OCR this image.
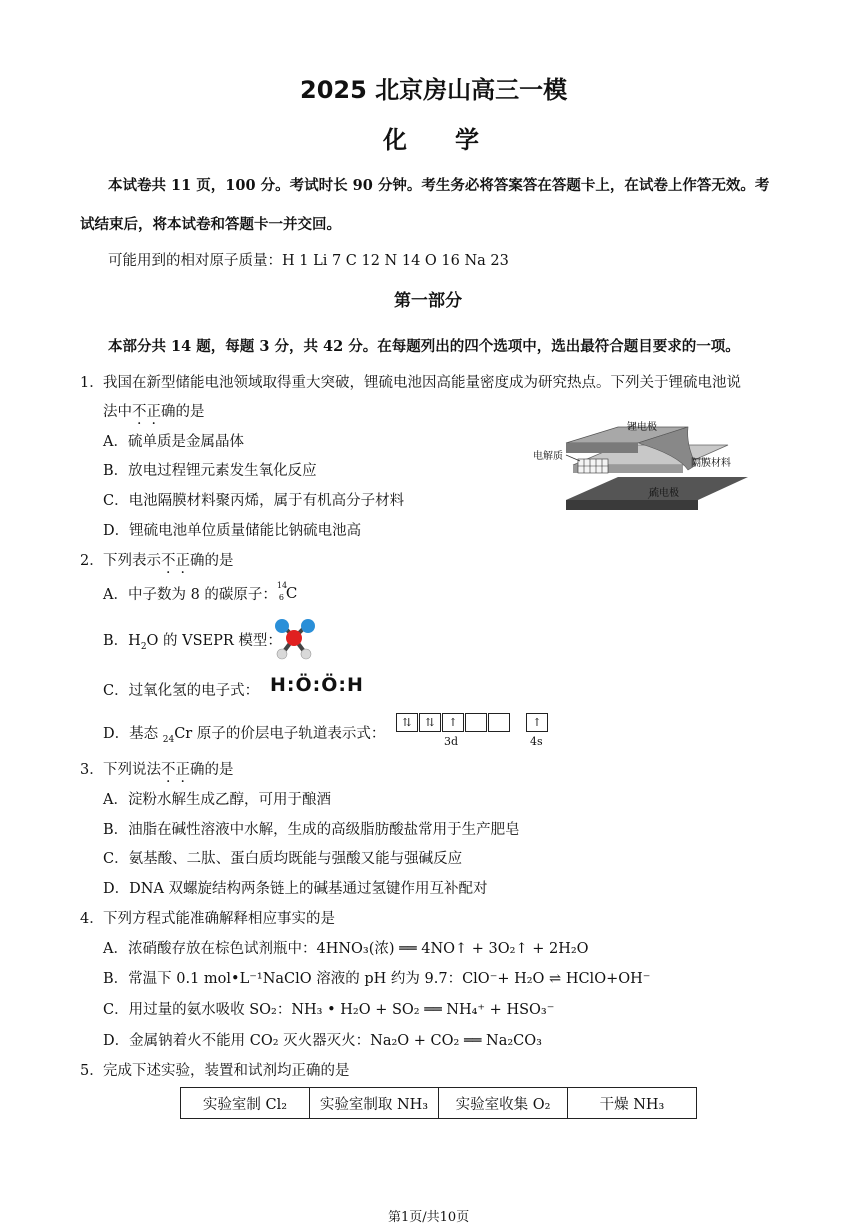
2025 北京房山高三一模
化学
本试卷共 11 页，100 分。考试时长 90 分钟。考生务必将答案答在答题卡上，在试卷上作答无效。考
试结束后，将本试卷和答题卡一并交回。
可能用到的相对原子质量：H 1 Li 7 C 12 N 14 O 16 Na 23
第一部分
本部分共 14 题，每题 3 分，共 42 分。在每题列出的四个选项中，选出最符合题目要求的一项。
1． 我国在新型储能电池领域取得重大突破，锂硫电池因高能量密度成为研究热点。下列关于锂硫电池说
法中不正确的是
A．硫单质是金属晶体
B．放电过程锂元素发生氧化反应
C．电池隔膜材料聚丙烯，属于有机高分子材料
D．锂硫电池单位质量储能比钠硫电池高
锂电极
电解质
隔膜材料
硫电极
2． 下列表示不正确的是
A．中子数为 8 的碳原子：
14
6 C
B．$H_2O$ 的 VSEPR 模型：
C．过氧化氢的电子式： H:Ö:Ö:H
D．基态 $_{24}$Cr 原子的价层电子轨道表示式：
⇅	⇅	↑	↑
3d	4s
3． 下列说法不正确的是
A．淀粉水解生成乙醇，可用于酿酒
B．油脂在碱性溶液中水解，生成的高级脂肪酸盐常用于生产肥皂
C．氨基酸、二肽、蛋白质均既能与强酸又能与强碱反应
D．DNA 双螺旋结构两条链上的碱基通过氢键作用互补配对
4． 下列方程式能准确解释相应事实的是
A．浓硝酸存放在棕色试剂瓶中：4HNO₃(浓) ══ 4NO↑ + 3O₂↑ + 2H₂O
B．常温下 0.1 mol•L⁻¹NaClO 溶液的 pH 约为 9.7：ClO⁻+ H₂O ⇌ HClO+OH⁻
C．用过量的氨水吸收 SO₂：NH₃ • H₂O + SO₂ ══ NH₄⁺ + HSO₃⁻
D．金属钠着火不能用 CO₂ 灭火器灭火：Na₂O + CO₂ ══ Na₂CO₃
5． 完成下述实验，装置和试剂均正确的是
实验室制 Cl₂	实验室制取 NH₃	实验室收集 O₂	干燥 NH₃
第1页/共10页
